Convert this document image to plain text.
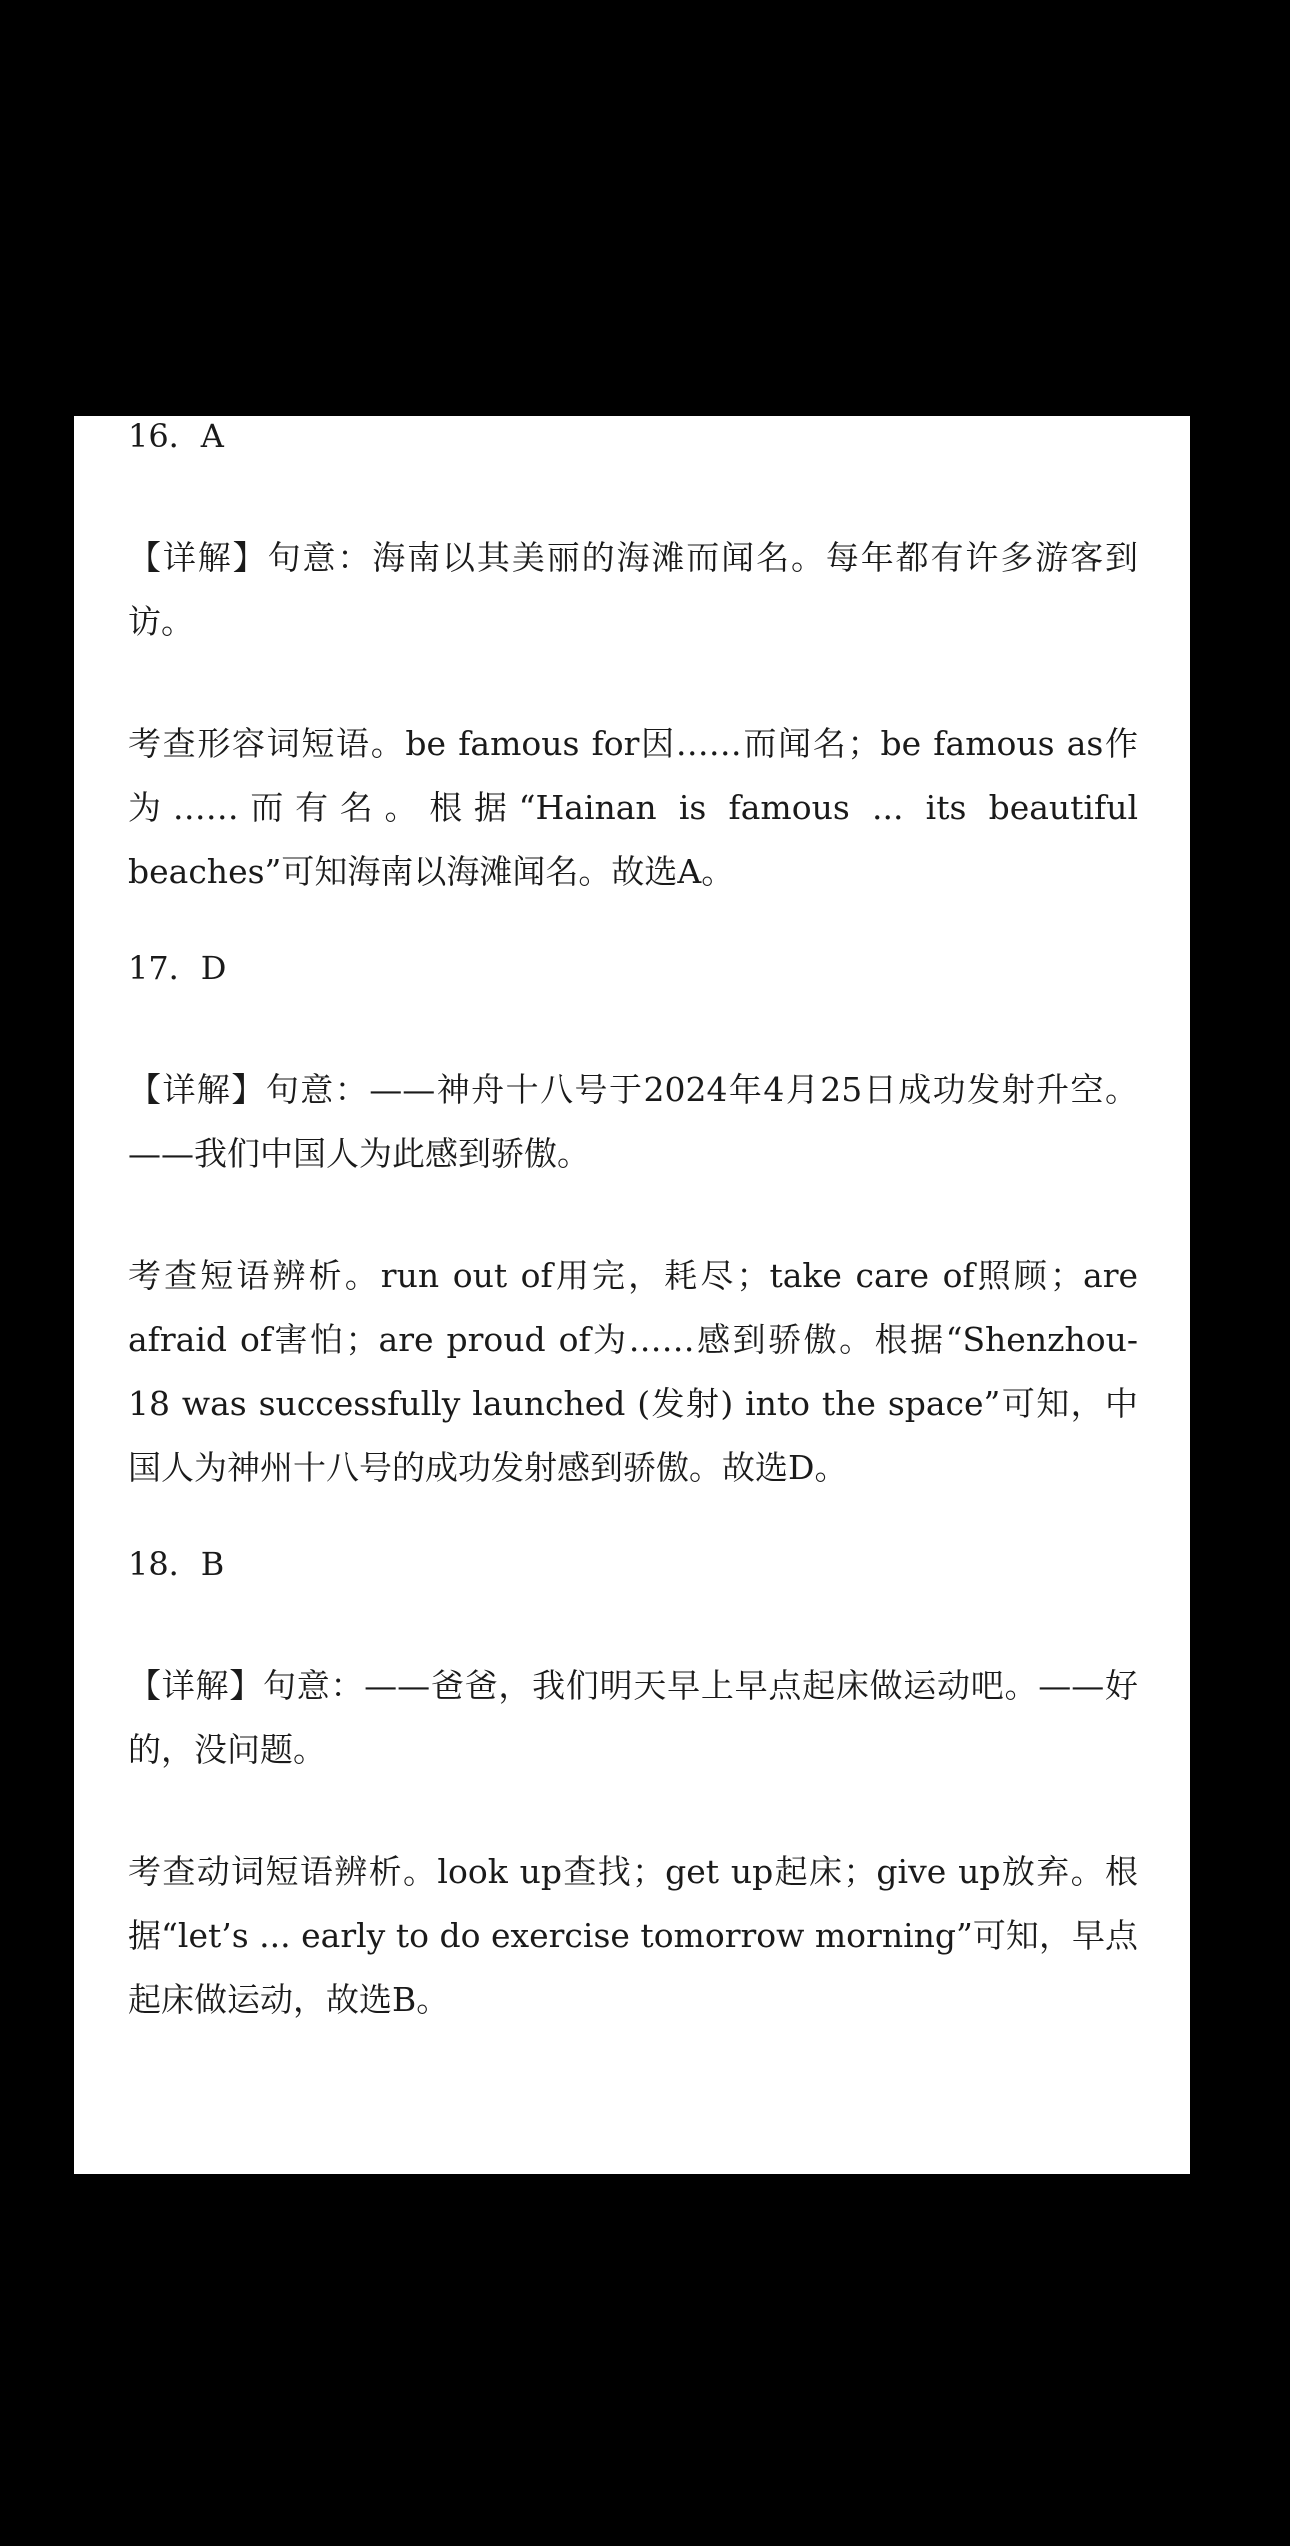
16．A

【详解】句意：海南以其美丽的海滩而闻名。每年都有许多游客到访。

考查形容词短语。be famous for因……而闻名；be famous as作为……而有名。根据“Hainan is famous ... its beautiful beaches”可知海南以海滩闻名。故选A。

17．D

【详解】句意：——神舟十八号于2024年4月25日成功发射升空。——我们中国人为此感到骄傲。

考查短语辨析。run out of用完，耗尽；take care of照顾；are afraid of害怕；are proud of为……感到骄傲。根据“Shenzhou-18 was successfully launched (发射) into the space”可知，中国人为神州十八号的成功发射感到骄傲。故选D。

18．B

【详解】句意：——爸爸，我们明天早上早点起床做运动吧。——好的，没问题。

考查动词短语辨析。look up查找；get up起床；give up放弃。根据“let’s ... early to do exercise tomorrow morning”可知，早点起床做运动，故选B。
